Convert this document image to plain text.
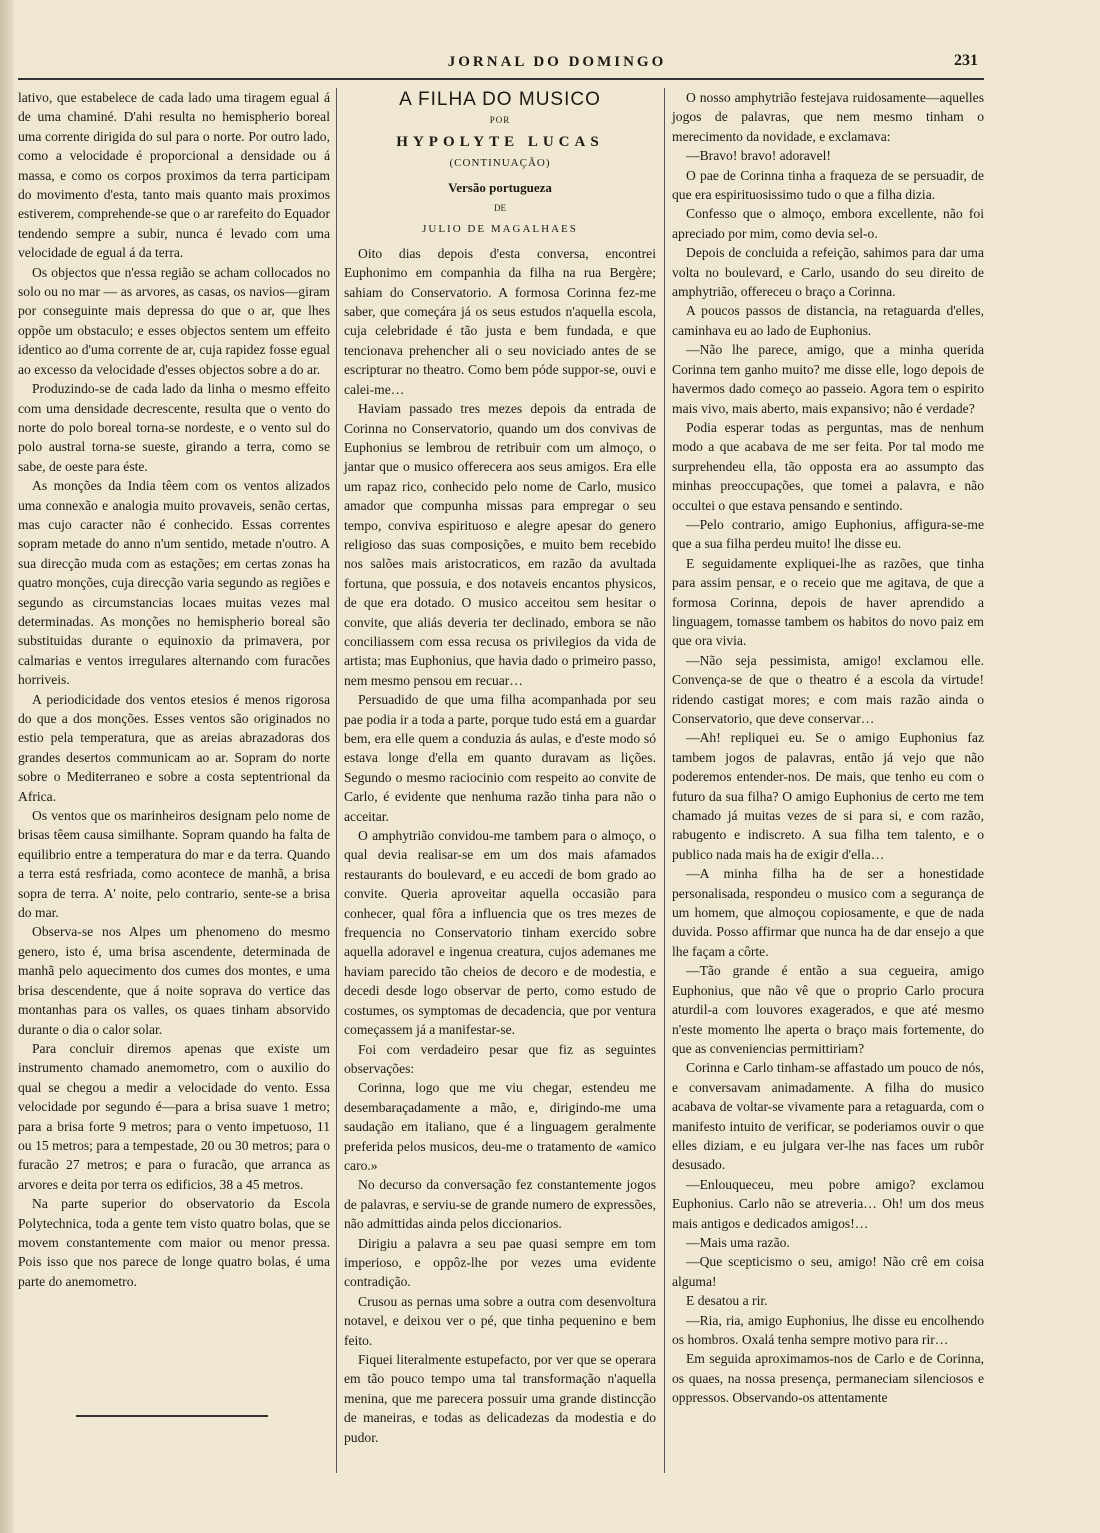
JORNAL DO DOMINGO	231

lativo, que estabelece de cada lado uma tiragem egual á de uma chaminé. D'ahi resulta no hemispherio boreal uma corrente dirigida do sul para o norte. Por outro lado, como a velocidade é proporcional a densidade ou á massa, e como os corpos proximos da terra participam do movimento d'esta, tanto mais quanto mais proximos estiverem, comprehende-se que o ar rarefeito do Equador tendendo sempre a subir, nunca é levado com uma velocidade de egual á da terra.

Os objectos que n'essa região se acham collocados no solo ou no mar — as arvores, as casas, os navios—giram por conseguinte mais depressa do que o ar, que lhes oppõe um obstaculo; e esses objectos sentem um effeito identico ao d'uma corrente de ar, cuja rapidez fosse egual ao excesso da velocidade d'esses objectos sobre a do ar.

Produzindo-se de cada lado da linha o mesmo effeito com uma densidade decrescente, resulta que o vento do norte do polo boreal torna-se nordeste, e o vento sul do polo austral torna-se sueste, girando a terra, como se sabe, de oeste para éste.

As monções da India têem com os ventos alizados uma connexão e analogia muito provaveis, senão certas, mas cujo caracter não é conhecido. Essas correntes sopram metade do anno n'um sentido, metade n'outro. A sua direcção muda com as estações; em certas zonas ha quatro monções, cuja direcção varia segundo as regiões e segundo as circumstancias locaes muitas vezes mal determinadas. As monções no hemispherio boreal são substituidas durante o equinoxio da primavera, por calmarias e ventos irregulares alternando com furacões horriveis.

A periodicidade dos ventos etesios é menos rigorosa do que a dos monções. Esses ventos são originados no estio pela temperatura, que as areias abrazadoras dos grandes desertos communicam ao ar. Sopram do norte sobre o Mediterraneo e sobre a costa septentrional da Africa.

Os ventos que os marinheiros designam pelo nome de brisas têem causa similhante. Sopram quando ha falta de equilibrio entre a temperatura do mar e da terra. Quando a terra está resfriada, como acontece de manhã, a brisa sopra de terra. A' noite, pelo contrario, sente-se a brisa do mar.

Observa-se nos Alpes um phenomeno do mesmo genero, isto é, uma brisa ascendente, determinada de manhã pelo aquecimento dos cumes dos montes, e uma brisa descendente, que á noite soprava do vertice das montanhas para os valles, os quaes tinham absorvido durante o dia o calor solar.

Para concluir diremos apenas que existe um instrumento chamado anemometro, com o auxilio do qual se chegou a medir a velocidade do vento. Essa velocidade por segundo é—para a brisa suave 1 metro; para a brisa forte 9 metros; para o vento impetuoso, 11 ou 15 metros; para a tempestade, 20 ou 30 metros; para o furacão 27 metros; e para o furacão, que arranca as arvores e deita por terra os edificios, 38 a 45 metros.

Na parte superior do observatorio da Escola Polytechnica, toda a gente tem visto quatro bolas, que se movem constantemente com maior ou menor pressa. Pois isso que nos parece de longe quatro bolas, é uma parte do anemometro.

A FILHA DO MUSICO
POR
HYPOLYTE LUCAS
(CONTINUAÇÃO)
Versão portugueza
DE
JULIO DE MAGALHAES

Oito dias depois d'esta conversa, encontrei Euphonimo em companhia da filha na rua Bergère; sahiam do Conservatorio. A formosa Corinna fez-me saber, que começára já os seus estudos n'aquella escola, cuja celebridade é tão justa e bem fundada, e que tencionava prehencher ali o seu noviciado antes de se escripturar no theatro. Como bem póde suppor-se, ouvi e calei-me…

Haviam passado tres mezes depois da entrada de Corinna no Conservatorio, quando um dos convivas de Euphonius se lembrou de retribuir com um almoço, o jantar que o musico offerecera aos seus amigos. Era elle um rapaz rico, conhecido pelo nome de Carlo, musico amador que compunha missas para empregar o seu tempo, conviva espirituoso e alegre apesar do genero religioso das suas composições, e muito bem recebido nos salões mais aristocraticos, em razão da avultada fortuna, que possuia, e dos notaveis encantos physicos, de que era dotado. O musico acceitou sem hesitar o convite, que aliás deveria ter declinado, embora se não conciliassem com essa recusa os privilegios da vida de artista; mas Euphonius, que havia dado o primeiro passo, nem mesmo pensou em recuar…

Persuadido de que uma filha acompanhada por seu pae podia ir a toda a parte, porque tudo está em a guardar bem, era elle quem a conduzia ás aulas, e d'este modo só estava longe d'ella em quanto duravam as lições. Segundo o mesmo raciocinio com respeito ao convite de Carlo, é evidente que nenhuma razão tinha para não o acceitar.

O amphytrião convidou-me tambem para o almoço, o qual devia realisar-se em um dos mais afamados restaurants do boulevard, e eu accedi de bom grado ao convite. Queria aproveitar aquella occasião para conhecer, qual fôra a influencia que os tres mezes de frequencia no Conservatorio tinham exercido sobre aquella adoravel e ingenua creatura, cujos ademanes me haviam parecido tão cheios de decoro e de modestia, e decedi desde logo observar de perto, como estudo de costumes, os symptomas de decadencia, que por ventura começassem já a manifestar-se.

Foi com verdadeiro pesar que fiz as seguintes observações:

Corinna, logo que me viu chegar, estendeu me desembaraçadamente a mão, e, dirigindo-me uma saudação em italiano, que é a linguagem geralmente preferida pelos musicos, deu-me o tratamento de «amico caro.»

No decurso da conversação fez constantemente jogos de palavras, e serviu-se de grande numero de expressões, não admittidas ainda pelos diccionarios.

Dirigiu a palavra a seu pae quasi sempre em tom imperioso, e oppôz-lhe por vezes uma evidente contradição.

Crusou as pernas uma sobre a outra com desenvoltura notavel, e deixou ver o pé, que tinha pequenino e bem feito.

Fiquei literalmente estupefacto, por ver que se operara em tão pouco tempo uma tal transformação n'aquella menina, que me parecera possuir uma grande distincção de maneiras, e todas as delicadezas da modestia e do pudor.

O nosso amphytrião festejava ruidosamente—aquelles jogos de palavras, que nem mesmo tinham o merecimento da novidade, e exclamava:

—Bravo! bravo! adoravel!

O pae de Corinna tinha a fraqueza de se persuadir, de que era espirituosissimo tudo o que a filha dizia.

Confesso que o almoço, embora excellente, não foi apreciado por mim, como devia sel-o.

Depois de concluida a refeição, sahimos para dar uma volta no boulevard, e Carlo, usando do seu direito de amphytrião, offereceu o braço a Corinna.

A poucos passos de distancia, na retaguarda d'elles, caminhava eu ao lado de Euphonius.

—Não lhe parece, amigo, que a minha querida Corinna tem ganho muito? me disse elle, logo depois de havermos dado começo ao passeio. Agora tem o espirito mais vivo, mais aberto, mais expansivo; não é verdade?

Podia esperar todas as perguntas, mas de nenhum modo a que acabava de me ser feita. Por tal modo me surprehendeu ella, tão opposta era ao assumpto das minhas preoccupações, que tomei a palavra, e não occultei o que estava pensando e sentindo.

—Pelo contrario, amigo Euphonius, affigura-se-me que a sua filha perdeu muito! lhe disse eu.

E seguidamente expliquei-lhe as razões, que tinha para assim pensar, e o receio que me agitava, de que a formosa Corinna, depois de haver aprendido a linguagem, tomasse tambem os habitos do novo paiz em que ora vivia.

—Não seja pessimista, amigo! exclamou elle. Convença-se de que o theatro é a escola da virtude! ridendo castigat mores; e com mais razão ainda o Conservatorio, que deve conservar…

—Ah! repliquei eu. Se o amigo Euphonius faz tambem jogos de palavras, então já vejo que não poderemos entender-nos. De mais, que tenho eu com o futuro da sua filha? O amigo Euphonius de certo me tem chamado já muitas vezes de si para si, e com razão, rabugento e indiscreto. A sua filha tem talento, e o publico nada mais ha de exigir d'ella…

—A minha filha ha de ser a honestidade personalisada, respondeu o musico com a segurança de um homem, que almoçou copiosamente, e que de nada duvida. Posso affirmar que nunca ha de dar ensejo a que lhe façam a côrte.

—Tão grande é então a sua cegueira, amigo Euphonius, que não vê que o proprio Carlo procura aturdil-a com louvores exagerados, e que até mesmo n'este momento lhe aperta o braço mais fortemente, do que as conveniencias permittiriam?

Corinna e Carlo tinham-se affastado um pouco de nós, e conversavam animadamente. A filha do musico acabava de voltar-se vivamente para a retaguarda, com o manifesto intuito de verificar, se poderiamos ouvir o que elles diziam, e eu julgara ver-lhe nas faces um rubôr desusado.

—Enlouqueceu, meu pobre amigo? exclamou Euphonius. Carlo não se atreveria… Oh! um dos meus mais antigos e dedicados amigos!…

—Mais uma razão.

—Que scepticismo o seu, amigo! Não crê em coisa alguma!

E desatou a rir.

—Ria, ria, amigo Euphonius, lhe disse eu encolhendo os hombros. Oxalá tenha sempre motivo para rir…

Em seguida aproximamos-nos de Carlo e de Corinna, os quaes, na nossa presença, permaneciam silenciosos e oppressos. Observando-os attentamente
